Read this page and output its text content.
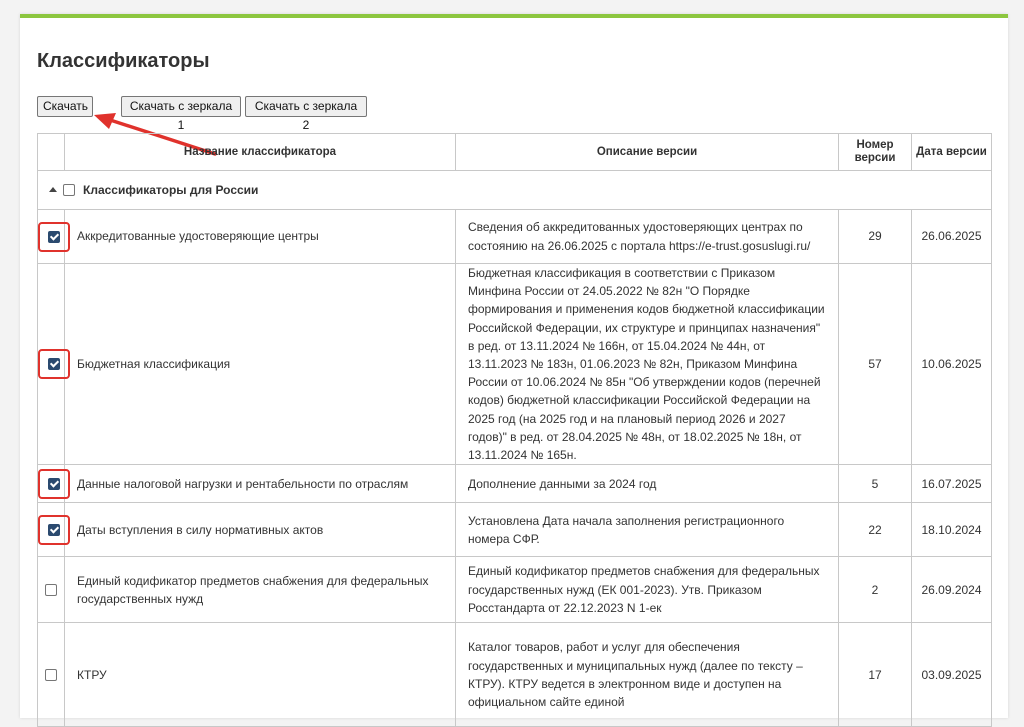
Классификаторы
Скачать	Скачать с зеркала 1
Скачать с зеркала 2
	Название классификатора	Описание версии	Номер версии	Дата версии
Классификаторы для России				
	Аккредитованные удостоверяющие центры	Сведения об аккредитованных удостоверяющих центрах по состоянию на 26.06.2025 с портала https://e-trust.gosuslugi.ru/	29	26.06.2025
	Бюджетная классификация	Бюджетная классификация в соответствии с Приказом Минфина России от 24.05.2022 № 82н "О Порядке формирования и применения кодов бюджетной классификации Российской Федерации, их структуре и принципах назначения" в ред. от 13.11.2024 № 166н, от 15.04.2024 № 44н, от 13.11.2023 № 183н, 01.06.2023 № 82н, Приказом Минфина России от 10.06.2024 № 85н "Об утверждении кодов (перечней кодов) бюджетной классификации Российской Федерации на 2025 год (на 2025 год и на плановый период 2026 и 2027 годов)" в ред. от 28.04.2025 № 48н, от 18.02.2025 № 18н, от 13.11.2024 № 165н.	57	10.06.2025
	Данные налоговой нагрузки и рентабельности по отраслям	Дополнение данными за 2024 год	5	16.07.2025
	Даты вступления в силу нормативных актов	Установлена Дата начала заполнения регистрационного номера СФР.	22	18.10.2024
	Единый кодификатор предметов снабжения для федеральных государственных нужд	Единый кодификатор предметов снабжения для федеральных государственных нужд (ЕК 001-2023). Утв. Приказом Росстандарта от 22.12.2023 N 1-ек	2	26.09.2024
	КТРУ	Каталог товаров, работ и услуг для обеспечения государственных и муниципальных нужд (далее по тексту – КТРУ). КТРУ ведется в электронном виде и доступен на официальном сайте единой	17	03.09.2025
